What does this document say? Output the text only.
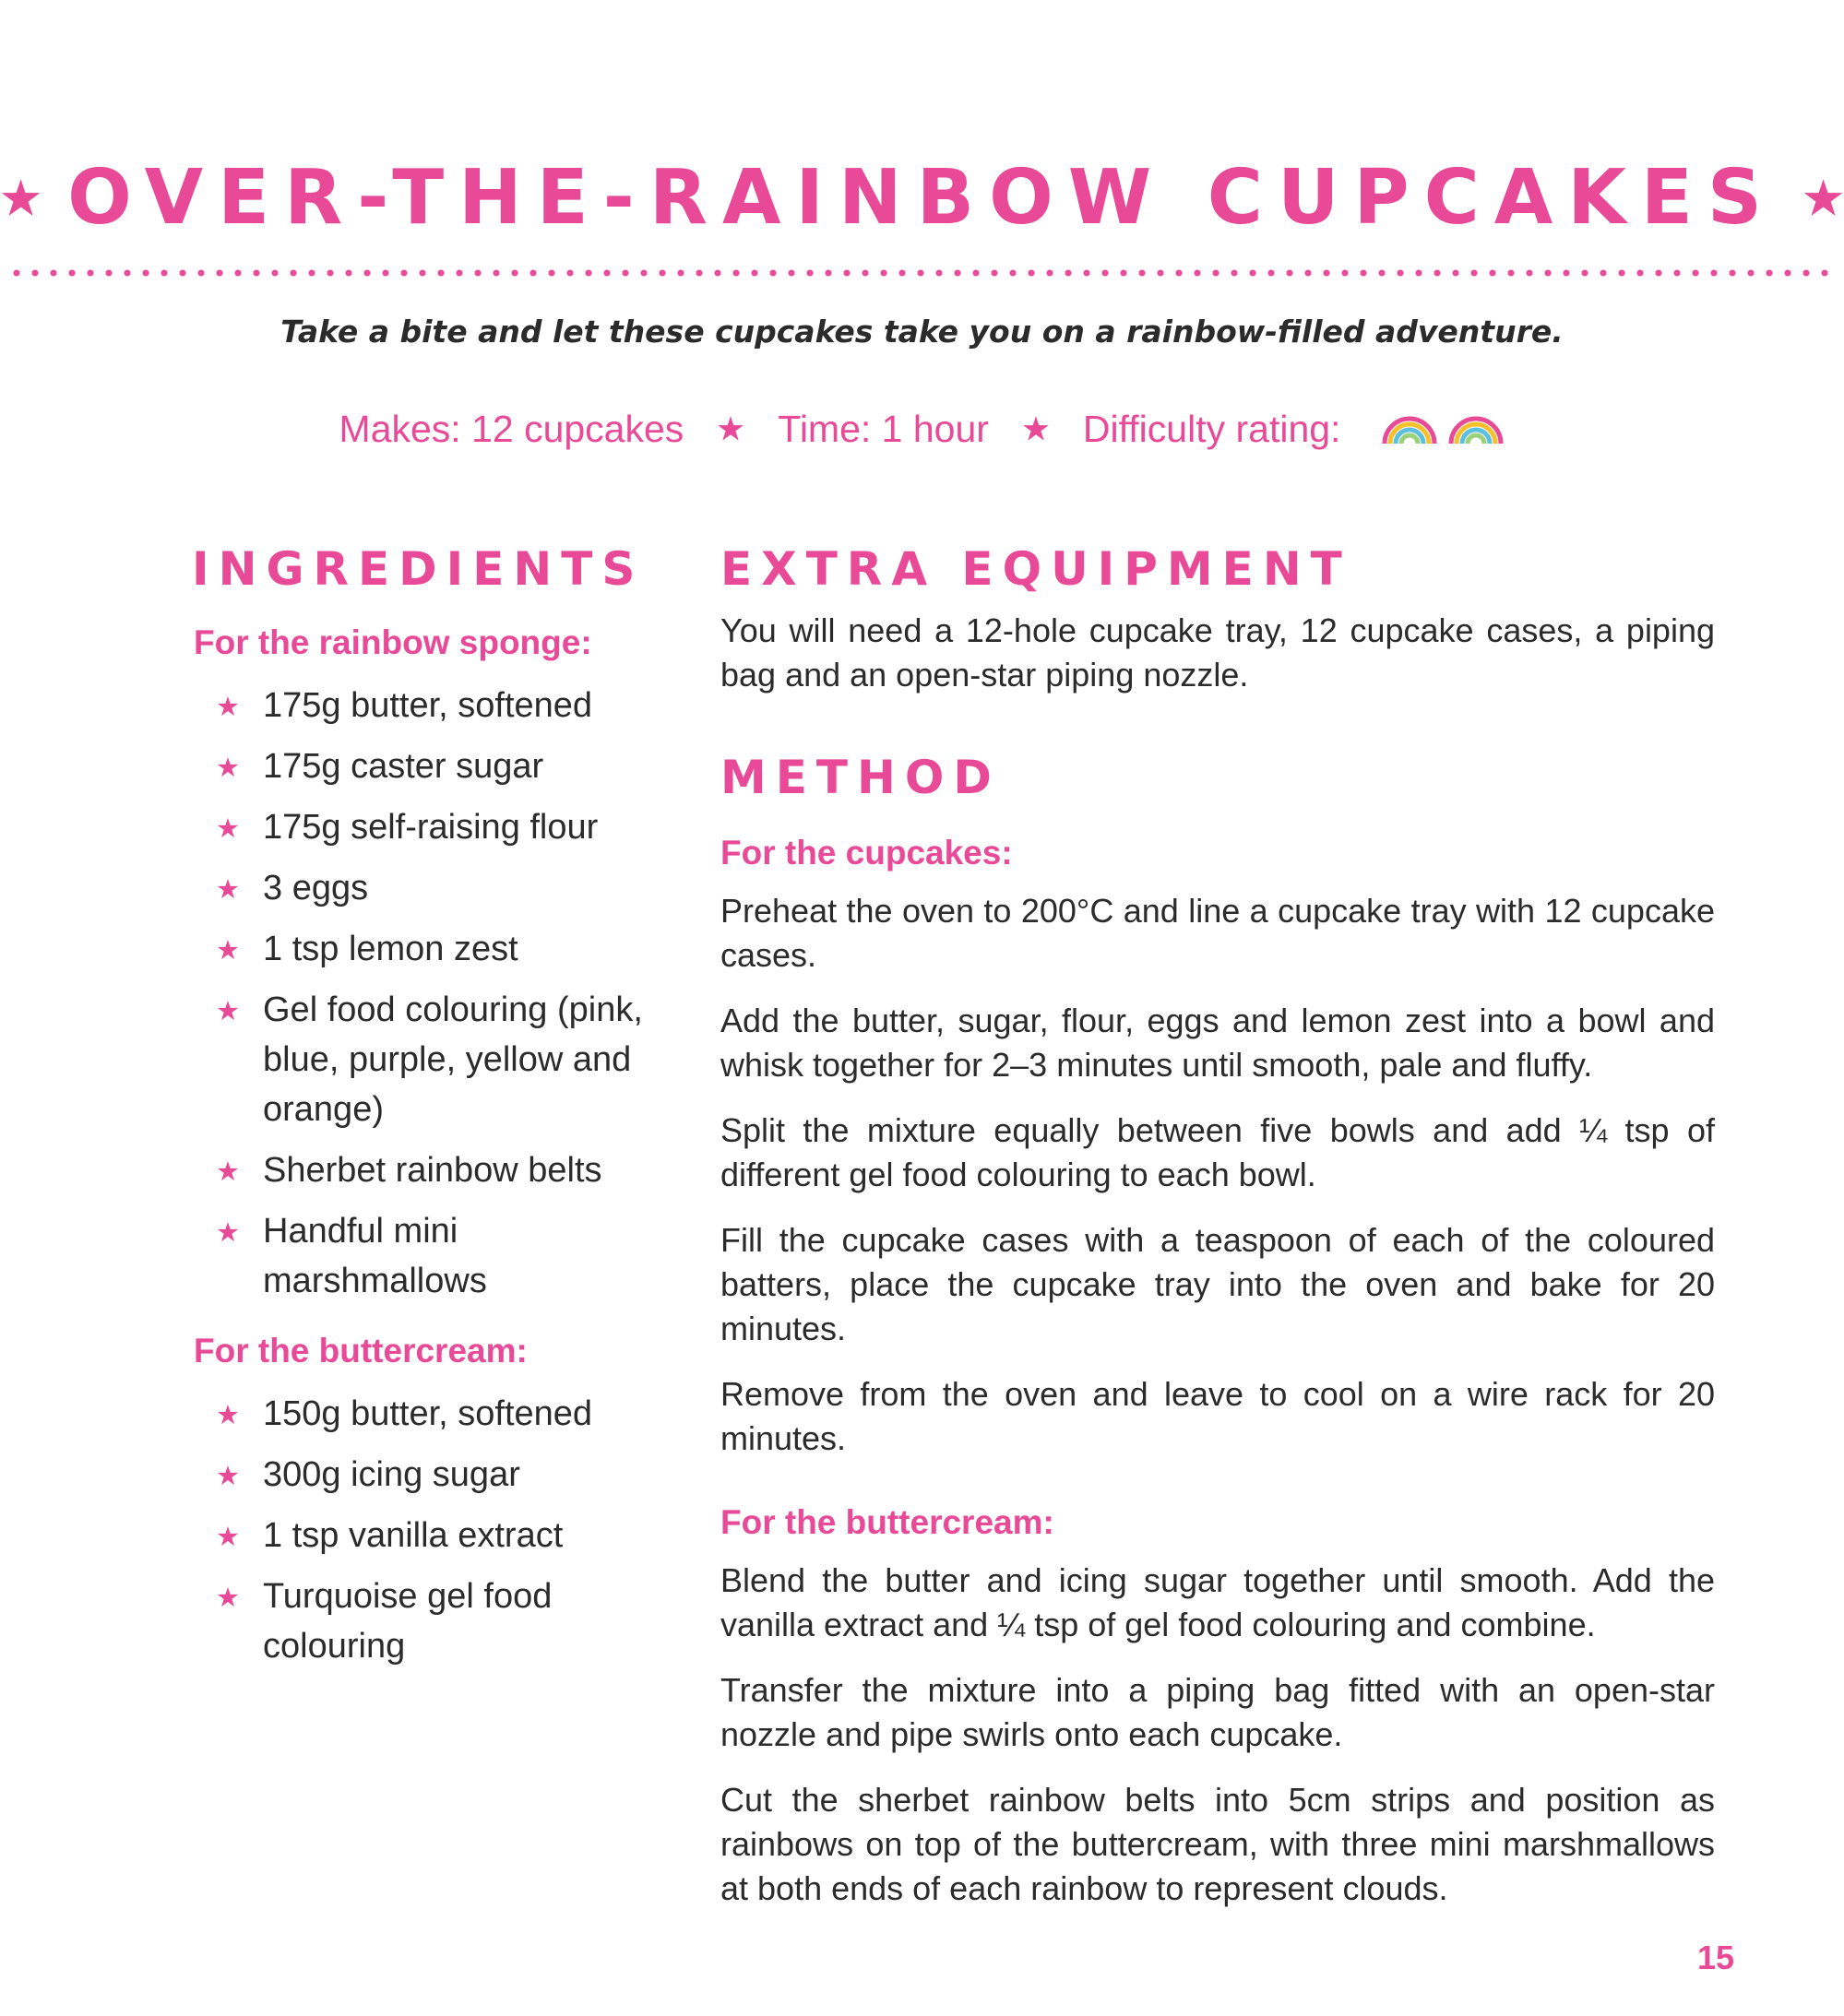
OVER-THE-RAINBOW CUPCAKES

Take a bite and let these cupcakes take you on a rainbow-filled adventure.

Makes: 12 cupcakes Time: 1 hour Difficulty rating:
INGREDIENTS
For the rainbow sponge:
175g butter, softened
175g caster sugar
175g self-raising flour
3 eggs
1 tsp lemon zest
Gel food colouring (pink, blue, purple, yellow and orange)
Sherbet rainbow belts
Handful mini marshmallows
For the buttercream:
150g butter, softened
300g icing sugar
1 tsp vanilla extract
Turquoise gel food colouring
EXTRA EQUIPMENT

You will need a 12-hole cupcake tray, 12 cupcake cases, a piping bag and an open-star piping nozzle.

METHOD
For the cupcakes:

Preheat the oven to 200°C and line a cupcake tray with 12 cupcake cases.

Add the butter, sugar, flour, eggs and lemon zest into a bowl and whisk together for 2–3 minutes until smooth, pale and fluffy.

Split the mixture equally between five bowls and add ¼ tsp of different gel food colouring to each bowl.

Fill the cupcake cases with a teaspoon of each of the coloured batters, place the cupcake tray into the oven and bake for 20 minutes.

Remove from the oven and leave to cool on a wire rack for 20 minutes.

For the buttercream:

Blend the butter and icing sugar together until smooth. Add the vanilla extract and ¼ tsp of gel food colouring and combine.

Transfer the mixture into a piping bag fitted with an open-star nozzle and pipe swirls onto each cupcake.

Cut the sherbet rainbow belts into 5cm strips and position as rainbows on top of the buttercream, with three mini marshmallows at both ends of each rainbow to represent clouds.

15
